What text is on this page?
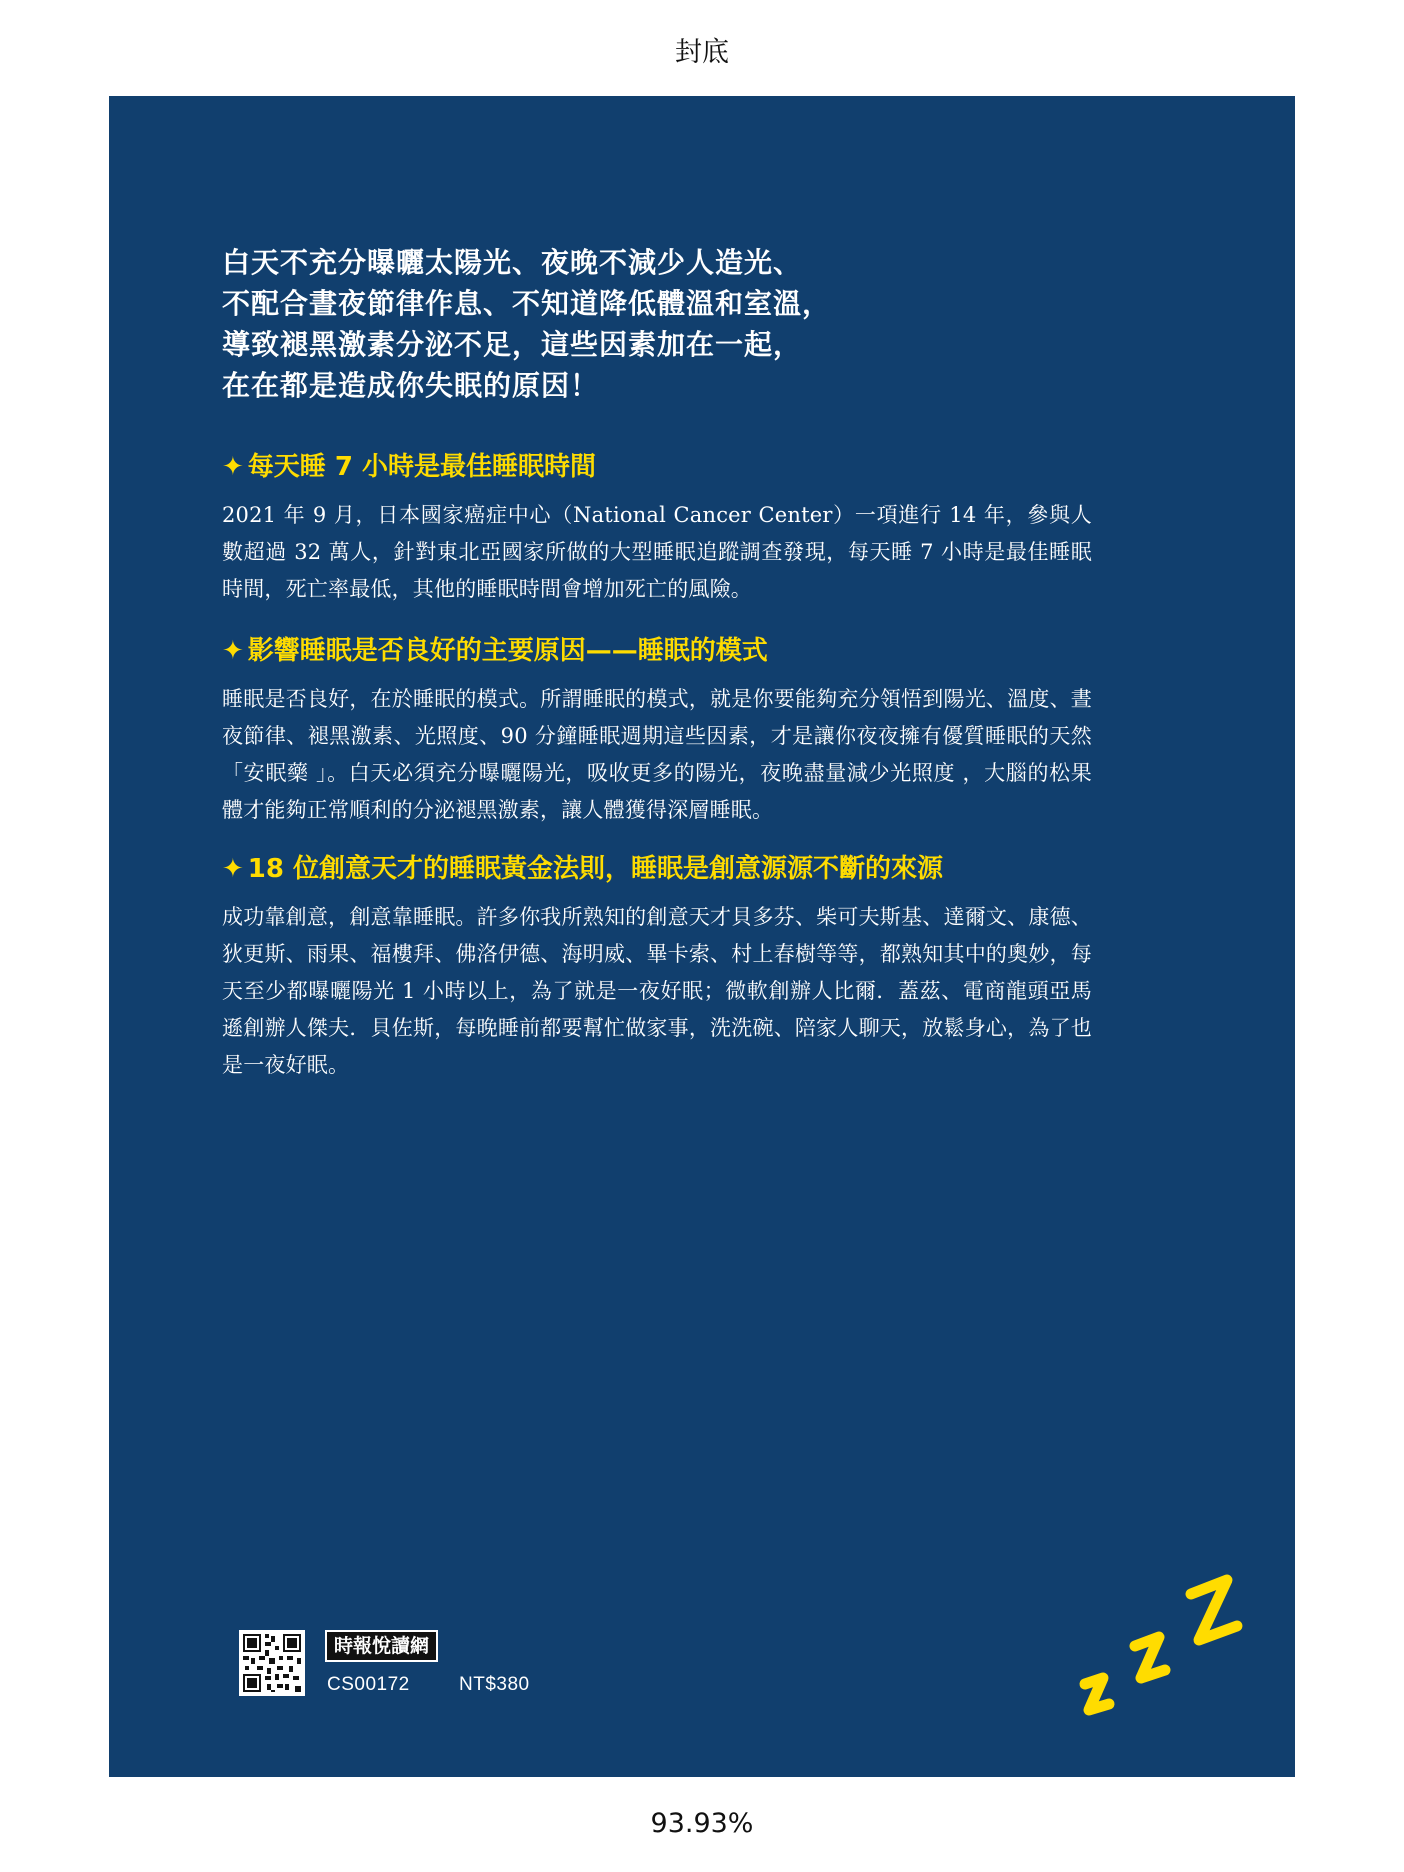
封底
白天不充分曝曬太陽光、夜晚不減少人造光、
不配合晝夜節律作息、不知道降低體溫和室溫，
導致褪黑激素分泌不足，這些因素加在一起，
在在都是造成你失眠的原因！
✦ 每天睡 7 小時是最佳睡眠時間

2021 年 9 月，日本國家癌症中心（National Cancer Center）一項進行 14 年，參與人數超過 32 萬人，針對東北亞國家所做的大型睡眠追蹤調查發現，每天睡 7 小時是最佳睡眠時間，死亡率最低，其他的睡眠時間會增加死亡的風險。

✦ 影響睡眠是否良好的主要原因——睡眠的模式

睡眠是否良好，在於睡眠的模式。所謂睡眠的模式，就是你要能夠充分領悟到陽光、溫度、晝夜節律、褪黑激素、光照度、90 分鐘睡眠週期這些因素，才是讓你夜夜擁有優質睡眠的天然「安眠藥 」。白天必須充分曝曬陽光，吸收更多的陽光，夜晚盡量減少光照度 ，大腦的松果體才能夠正常順利的分泌褪黑激素，讓人體獲得深層睡眠。

✦ 18 位創意天才的睡眠黃金法則，睡眠是創意源源不斷的來源

成功靠創意，創意靠睡眠。許多你我所熟知的創意天才貝多芬、柴可夫斯基、達爾文、康德、狄更斯、雨果、福樓拜、佛洛伊德、海明威、畢卡索、村上春樹等等，都熟知其中的奧妙，每天至少都曝曬陽光 1 小時以上，為了就是一夜好眠；微軟創辦人比爾．蓋茲、電商龍頭亞馬遜創辦人傑夫．貝佐斯，每晚睡前都要幫忙做家事，洗洗碗、陪家人聊天，放鬆身心，為了也是一夜好眠。

時報悅讀網
CS00172	NT$380
93.93%
